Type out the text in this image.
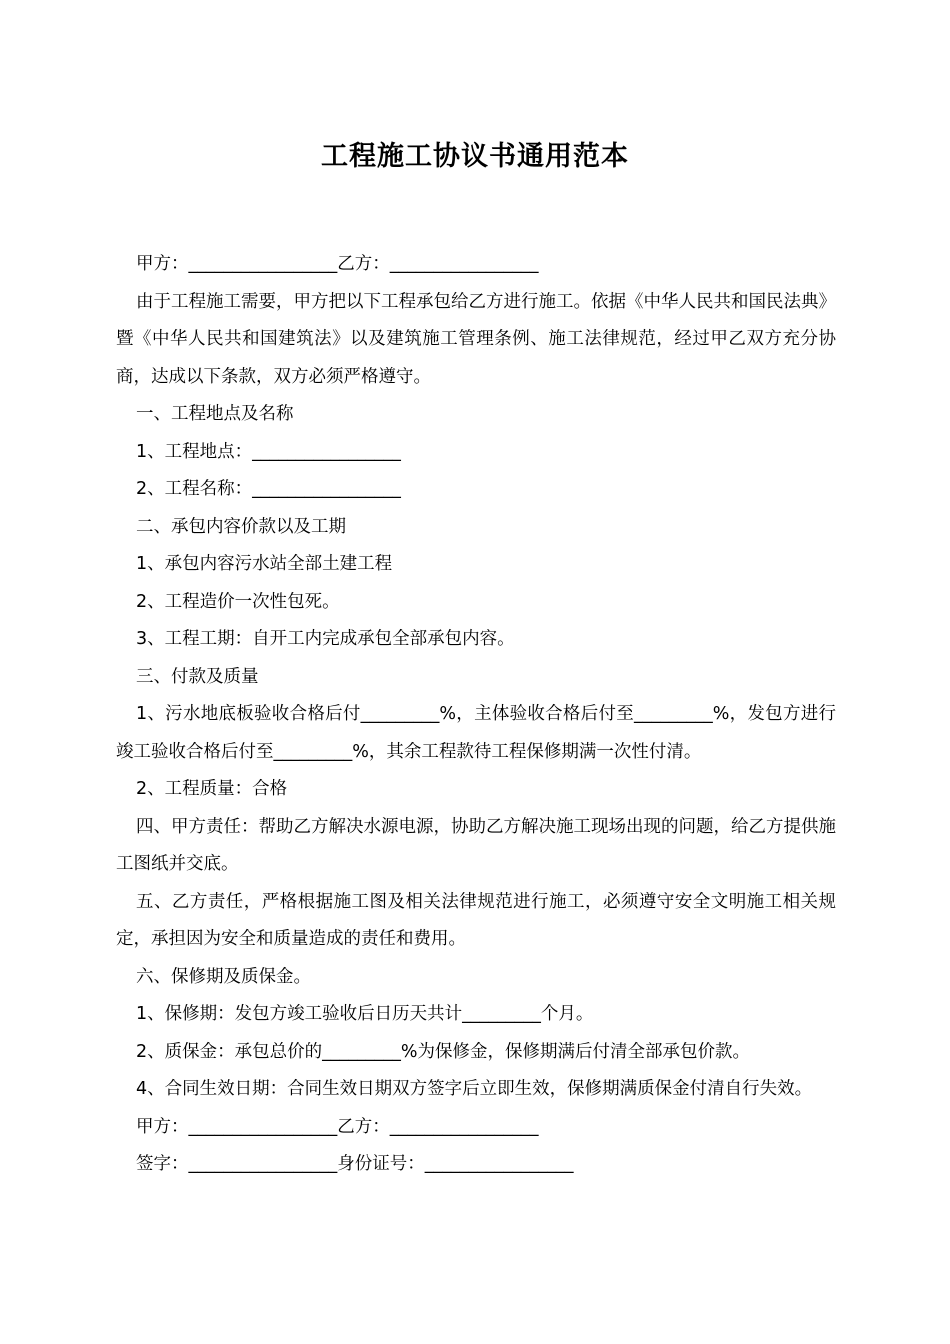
工程施工协议书通用范本

甲方：_________________乙方：_________________

由于工程施工需要，甲方把以下工程承包给乙方进行施工。依据《中华人民共和国民法典》暨《中华人民共和国建筑法》以及建筑施工管理条例、施工法律规范，经过甲乙双方充分协商，达成以下条款，双方必须严格遵守。

一、工程地点及名称

1、工程地点：_________________

2、工程名称：_________________

二、承包内容价款以及工期

1、承包内容污水站全部土建工程

2、工程造价一次性包死。

3、工程工期：自开工内完成承包全部承包内容。

三、付款及质量

1、污水地底板验收合格后付_________%，主体验收合格后付至_________%，发包方进行竣工验收合格后付至_________%，其余工程款待工程保修期满一次性付清。

2、工程质量：合格

四、甲方责任：帮助乙方解决水源电源，协助乙方解决施工现场出现的问题，给乙方提供施工图纸并交底。

五、乙方责任，严格根据施工图及相关法律规范进行施工，必须遵守安全文明施工相关规定，承担因为安全和质量造成的责任和费用。

六、保修期及质保金。

1、保修期：发包方竣工验收后日历天共计_________个月。

2、质保金：承包总价的_________%为保修金，保修期满后付清全部承包价款。

4、合同生效日期：合同生效日期双方签字后立即生效，保修期满质保金付清自行失效。

甲方：_________________乙方：_________________

签字：_________________身份证号：_________________
